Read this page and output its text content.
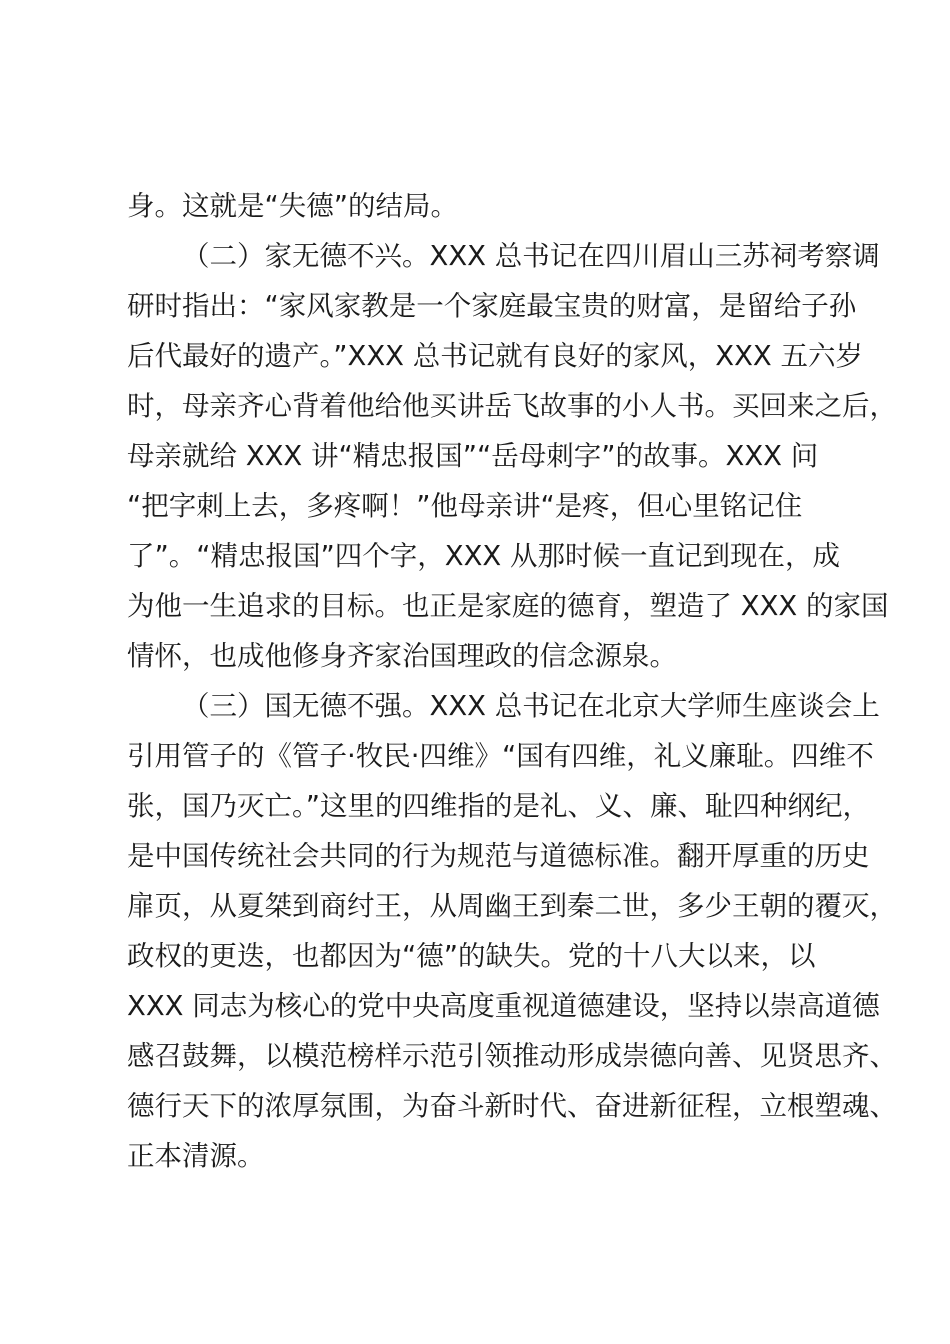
身。这就是“失德”的结局。
（二）家无德不兴。XXX 总书记在四川眉山三苏祠考察调
研时指出：“家风家教是一个家庭最宝贵的财富，是留给子孙
后代最好的遗产。”XXX 总书记就有良好的家风，XXX 五六岁
时，母亲齐心背着他给他买讲岳飞故事的小人书。买回来之后，
母亲就给 XXX 讲“精忠报国”“岳母刺字”的故事。XXX 问
“把字刺上去，多疼啊！”他母亲讲“是疼，但心里铭记住
了”。“精忠报国”四个字，XXX 从那时候一直记到现在，成
为他一生追求的目标。也正是家庭的德育，塑造了 XXX 的家国
情怀，也成他修身齐家治国理政的信念源泉。
（三）国无德不强。XXX 总书记在北京大学师生座谈会上
引用管子的《管子·牧民·四维》“国有四维，礼义廉耻。四维不
张，国乃灭亡。”这里的四维指的是礼、义、廉、耻四种纲纪，
是中国传统社会共同的行为规范与道德标准。翻开厚重的历史
扉页，从夏桀到商纣王，从周幽王到秦二世，多少王朝的覆灭，
政权的更迭，也都因为“德”的缺失。党的十八大以来，以
XXX 同志为核心的党中央高度重视道德建设，坚持以崇高道德
感召鼓舞，以模范榜样示范引领推动形成崇德向善、见贤思齐、
德行天下的浓厚氛围，为奋斗新时代、奋进新征程，立根塑魂、
正本清源。
